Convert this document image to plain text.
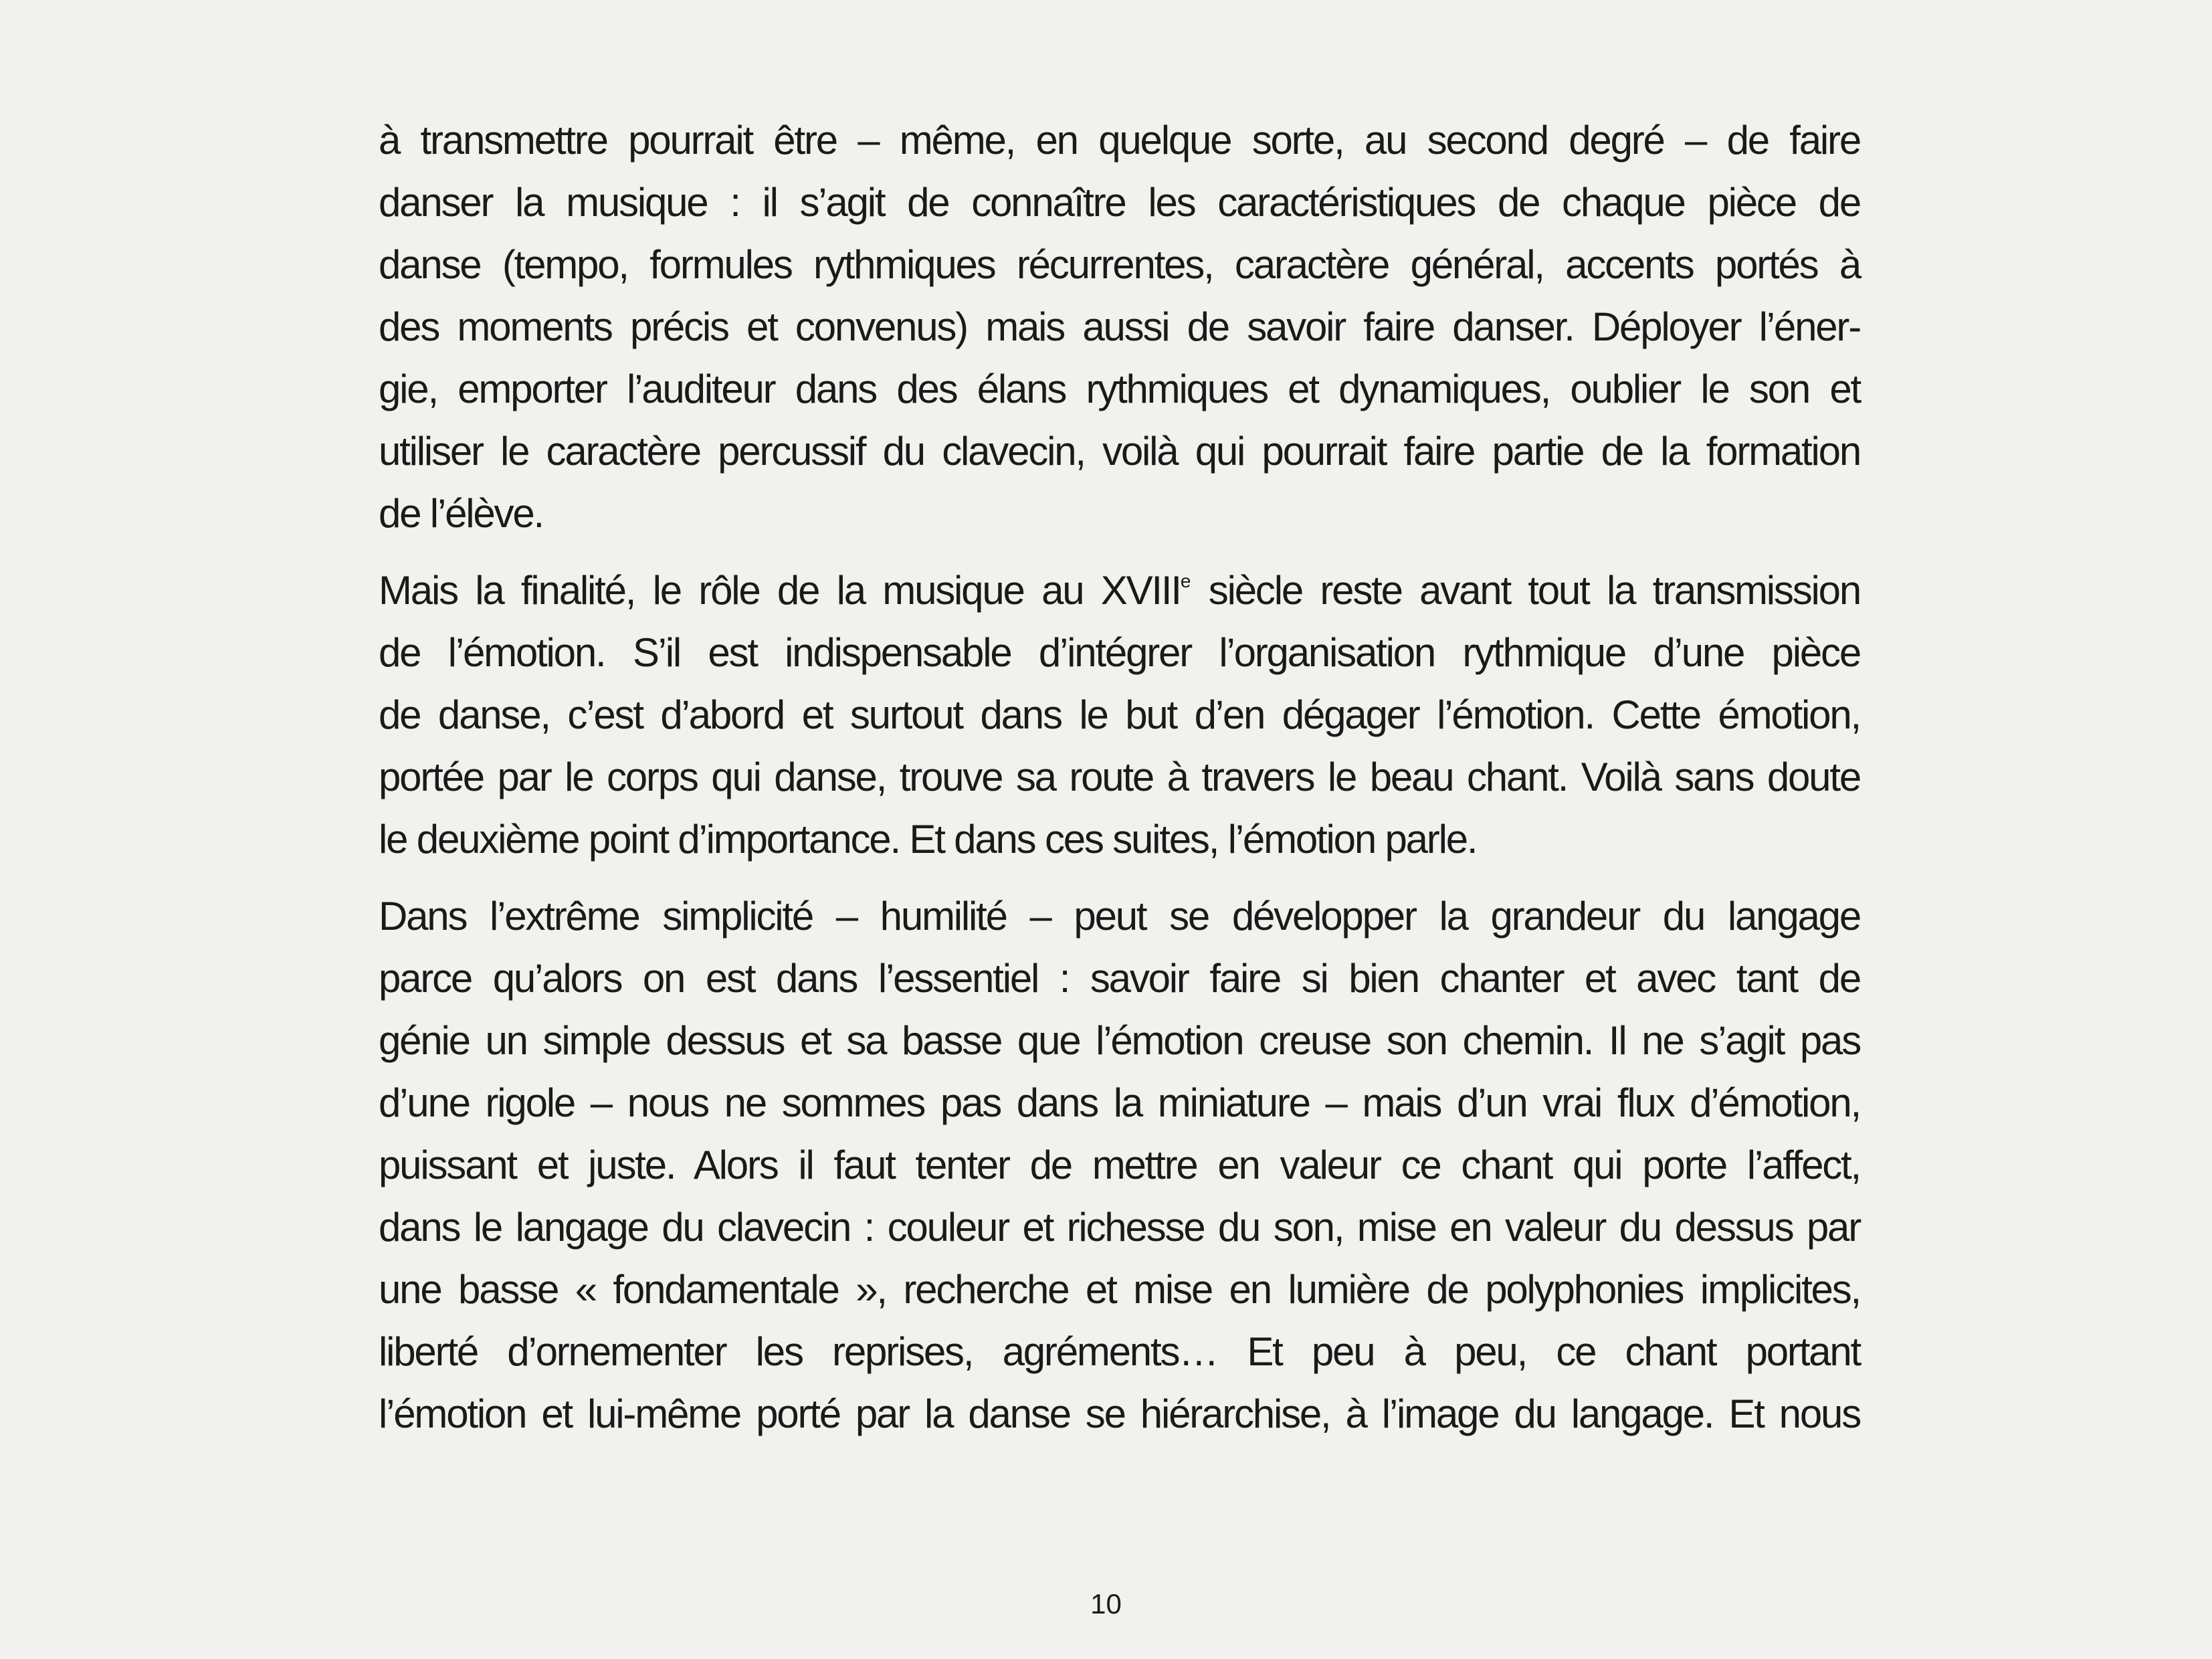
à transmettre pourrait être – même, en quelque sorte, au second degré – de faire
danser la musique : il s’agit de connaître les caractéristiques de chaque pièce de
danse (tempo, formules rythmiques récurrentes, caractère général, accents portés à
des moments précis et convenus) mais aussi de savoir faire danser. Déployer l’éner-
gie, emporter l’auditeur dans des élans rythmiques et dynamiques, oublier le son et
utiliser le caractère percussif du clavecin, voilà qui pourrait faire partie de la formation
de l’élève.
Mais la finalité, le rôle de la musique au XVIIIe siècle reste avant tout la transmission
de l’émotion. S’il est indispensable d’intégrer l’organisation rythmique d’une pièce
de danse, c’est d’abord et surtout dans le but d’en dégager l’émotion. Cette émotion,
portée par le corps qui danse, trouve sa route à travers le beau chant. Voilà sans doute
le deuxième point d’importance. Et dans ces suites, l’émotion parle.
Dans l’extrême simplicité – humilité – peut se développer la grandeur du langage
parce qu’alors on est dans l’essentiel : savoir faire si bien chanter et avec tant de
génie un simple dessus et sa basse que l’émotion creuse son chemin. Il ne s’agit pas
d’une rigole – nous ne sommes pas dans la miniature – mais d’un vrai flux d’émotion,
puissant et juste. Alors il faut tenter de mettre en valeur ce chant qui porte l’affect,
dans le langage du clavecin : couleur et richesse du son, mise en valeur du dessus par
une basse « fondamentale », recherche et mise en lumière de polyphonies implicites,
liberté d’ornementer les reprises, agréments… Et peu à peu, ce chant portant
l’émotion et lui-même porté par la danse se hiérarchise, à l’image du langage. Et nous
10
